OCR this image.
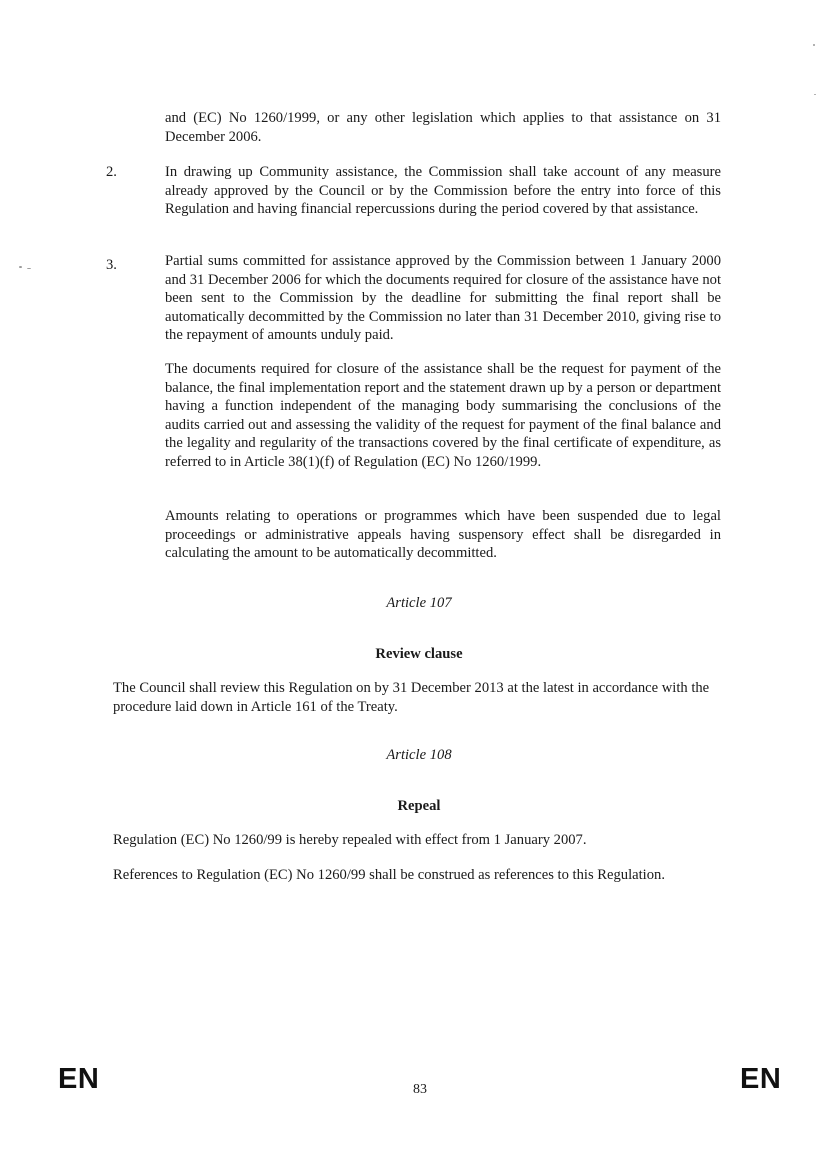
and (EC) No 1260/1999, or any other legislation which applies to that assistance on 31 December 2006.

2.	In drawing up Community assistance, the Commission shall take account of any measure already approved by the Council or by the Commission before the entry into force of this Regulation and having financial repercussions during the period covered by that assistance.

3.	Partial sums committed for assistance approved by the Commission between 1 January 2000 and 31 December 2006 for which the documents required for closure of the assistance have not been sent to the Commission by the deadline for submitting the final report shall be automatically decommitted by the Commission no later than 31 December 2010, giving rise to the repayment of amounts unduly paid.

The documents required for closure of the assistance shall be the request for payment of the balance, the final implementation report and the statement drawn up by a person or department having a function independent of the managing body summarising the conclusions of the audits carried out and assessing the validity of the request for payment of the final balance and the legality and regularity of the transactions covered by the final certificate of expenditure, as referred to in Article 38(1)(f) of Regulation (EC) No 1260/1999.

Amounts relating to operations or programmes which have been suspended due to legal proceedings or administrative appeals having suspensory effect shall be disregarded in calculating the amount to be automatically decommitted.

Article 107

Review clause

The Council shall review this Regulation on by 31 December 2013 at the latest in accordance with the procedure laid down in Article 161 of the Treaty.

Article 108

Repeal

Regulation (EC) No 1260/99 is hereby repealed with effect from 1 January 2007.

References to Regulation (EC) No 1260/99 shall be construed as references to this Regulation.

EN	83	EN
